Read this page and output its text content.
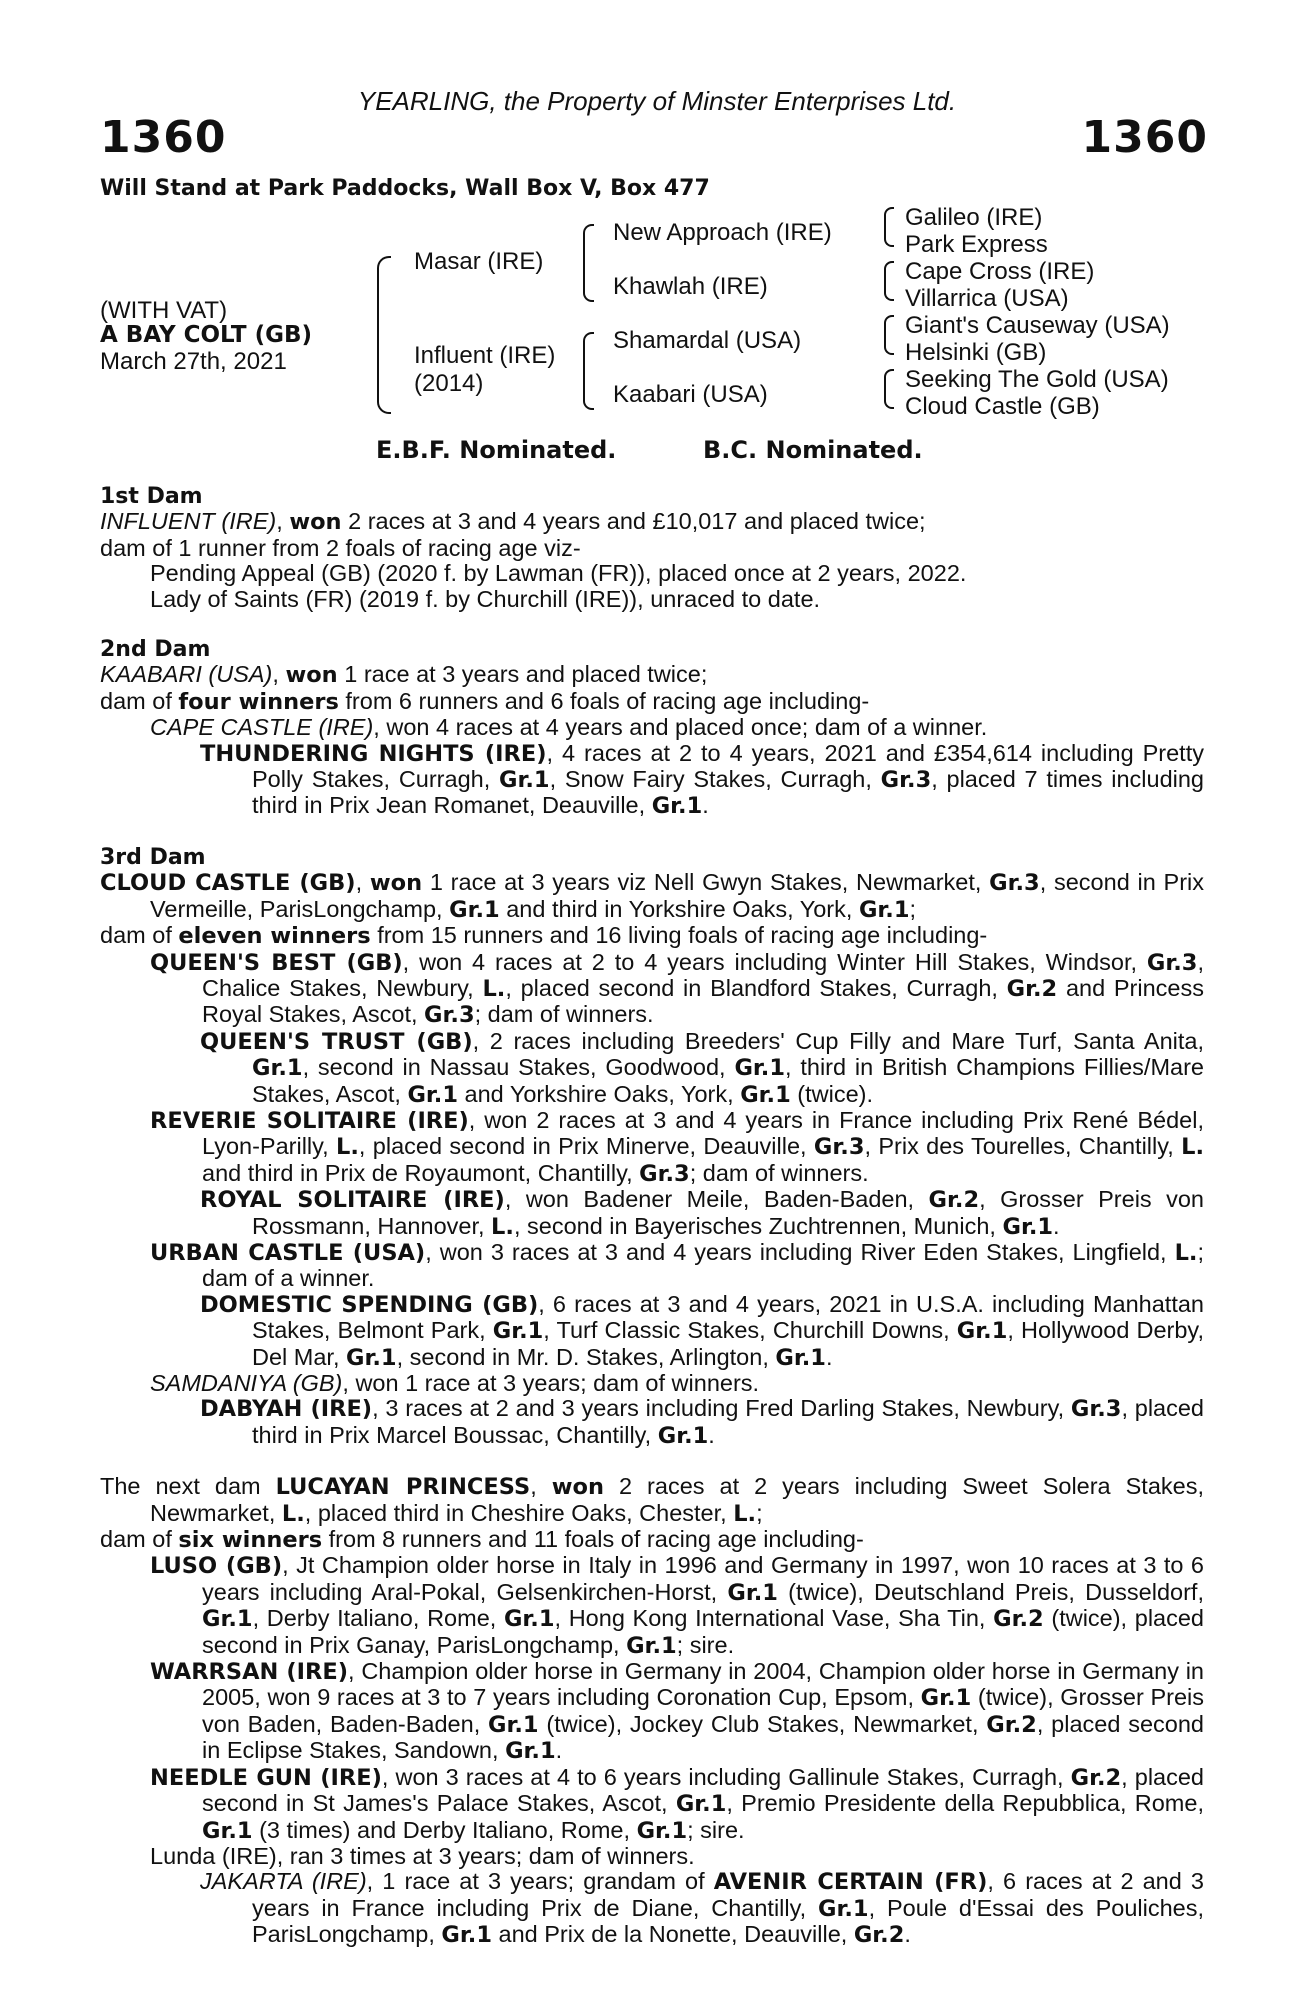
YEARLING, the Property of Minster Enterprises Ltd.
1360	1360
Will Stand at Park Paddocks, Wall Box V, Box 477
(WITH VAT)
A BAY COLT (GB)
March 27th, 2021
Masar (IRE)
Influent (IRE)
(2014)
New Approach (IRE)
Khawlah (IRE)
Shamardal (USA)
Kaabari (USA)
Galileo (IRE)
Park Express
Cape Cross (IRE)
Villarrica (USA)
Giant's Causeway (USA)
Helsinki (GB)
Seeking The Gold (USA)
Cloud Castle (GB)
E.B.F. Nominated.	B.C. Nominated.

1st Dam

INFLUENT (IRE), won 2 races at 3 and 4 years and £10,017 and placed twice;

dam of 1 runner from 2 foals of racing age viz-

Pending Appeal (GB) (2020 f. by Lawman (FR)), placed once at 2 years, 2022.

Lady of Saints (FR) (2019 f. by Churchill (IRE)), unraced to date.

2nd Dam

KAABARI (USA), won 1 race at 3 years and placed twice;

dam of four winners from 6 runners and 6 foals of racing age including-

CAPE CASTLE (IRE), won 4 races at 4 years and placed once; dam of a winner.

THUNDERING NIGHTS (IRE), 4 races at 2 to 4 years, 2021 and £354,614 including Pretty Polly Stakes, Curragh, Gr.1, Snow Fairy Stakes, Curragh, Gr.3, placed 7 times including third in Prix Jean Romanet, Deauville, Gr.1.

3rd Dam

CLOUD CASTLE (GB), won 1 race at 3 years viz Nell Gwyn Stakes, Newmarket, Gr.3, second in Prix Vermeille, ParisLongchamp, Gr.1 and third in Yorkshire Oaks, York, Gr.1;

dam of eleven winners from 15 runners and 16 living foals of racing age including-

QUEEN'S BEST (GB), won 4 races at 2 to 4 years including Winter Hill Stakes, Windsor, Gr.3, Chalice Stakes, Newbury, L., placed second in Blandford Stakes, Curragh, Gr.2 and Princess Royal Stakes, Ascot, Gr.3; dam of winners.

QUEEN'S TRUST (GB), 2 races including Breeders' Cup Filly and Mare Turf, Santa Anita, Gr.1, second in Nassau Stakes, Goodwood, Gr.1, third in British Champions Fillies/Mare Stakes, Ascot, Gr.1 and Yorkshire Oaks, York, Gr.1 (twice).

REVERIE SOLITAIRE (IRE), won 2 races at 3 and 4 years in France including Prix René Bédel, Lyon-Parilly, L., placed second in Prix Minerve, Deauville, Gr.3, Prix des Tourelles, Chantilly, L. and third in Prix de Royaumont, Chantilly, Gr.3; dam of winners.

ROYAL SOLITAIRE (IRE), won Badener Meile, Baden-Baden, Gr.2, Grosser Preis von Rossmann, Hannover, L., second in Bayerisches Zuchtrennen, Munich, Gr.1.

URBAN CASTLE (USA), won 3 races at 3 and 4 years including River Eden Stakes, Lingfield, L.; dam of a winner.

DOMESTIC SPENDING (GB), 6 races at 3 and 4 years, 2021 in U.S.A. including Manhattan Stakes, Belmont Park, Gr.1, Turf Classic Stakes, Churchill Downs, Gr.1, Hollywood Derby, Del Mar, Gr.1, second in Mr. D. Stakes, Arlington, Gr.1.

SAMDANIYA (GB), won 1 race at 3 years; dam of winners.

DABYAH (IRE), 3 races at 2 and 3 years including Fred Darling Stakes, Newbury, Gr.3, placed third in Prix Marcel Boussac, Chantilly, Gr.1.

The next dam LUCAYAN PRINCESS, won 2 races at 2 years including Sweet Solera Stakes, Newmarket, L., placed third in Cheshire Oaks, Chester, L.;

dam of six winners from 8 runners and 11 foals of racing age including-

LUSO (GB), Jt Champion older horse in Italy in 1996 and Germany in 1997, won 10 races at 3 to 6 years including Aral-Pokal, Gelsenkirchen-Horst, Gr.1 (twice), Deutschland Preis, Dusseldorf, Gr.1, Derby Italiano, Rome, Gr.1, Hong Kong International Vase, Sha Tin, Gr.2 (twice), placed second in Prix Ganay, ParisLongchamp, Gr.1; sire.

WARRSAN (IRE), Champion older horse in Germany in 2004, Champion older horse in Germany in 2005, won 9 races at 3 to 7 years including Coronation Cup, Epsom, Gr.1 (twice), Grosser Preis von Baden, Baden-Baden, Gr.1 (twice), Jockey Club Stakes, Newmarket, Gr.2, placed second in Eclipse Stakes, Sandown, Gr.1.

NEEDLE GUN (IRE), won 3 races at 4 to 6 years including Gallinule Stakes, Curragh, Gr.2, placed second in St James's Palace Stakes, Ascot, Gr.1, Premio Presidente della Repubblica, Rome, Gr.1 (3 times) and Derby Italiano, Rome, Gr.1; sire.

Lunda (IRE), ran 3 times at 3 years; dam of winners.

JAKARTA (IRE), 1 race at 3 years; grandam of AVENIR CERTAIN (FR), 6 races at 2 and 3 years in France including Prix de Diane, Chantilly, Gr.1, Poule d'Essai des Pouliches, ParisLongchamp, Gr.1 and Prix de la Nonette, Deauville, Gr.2.
